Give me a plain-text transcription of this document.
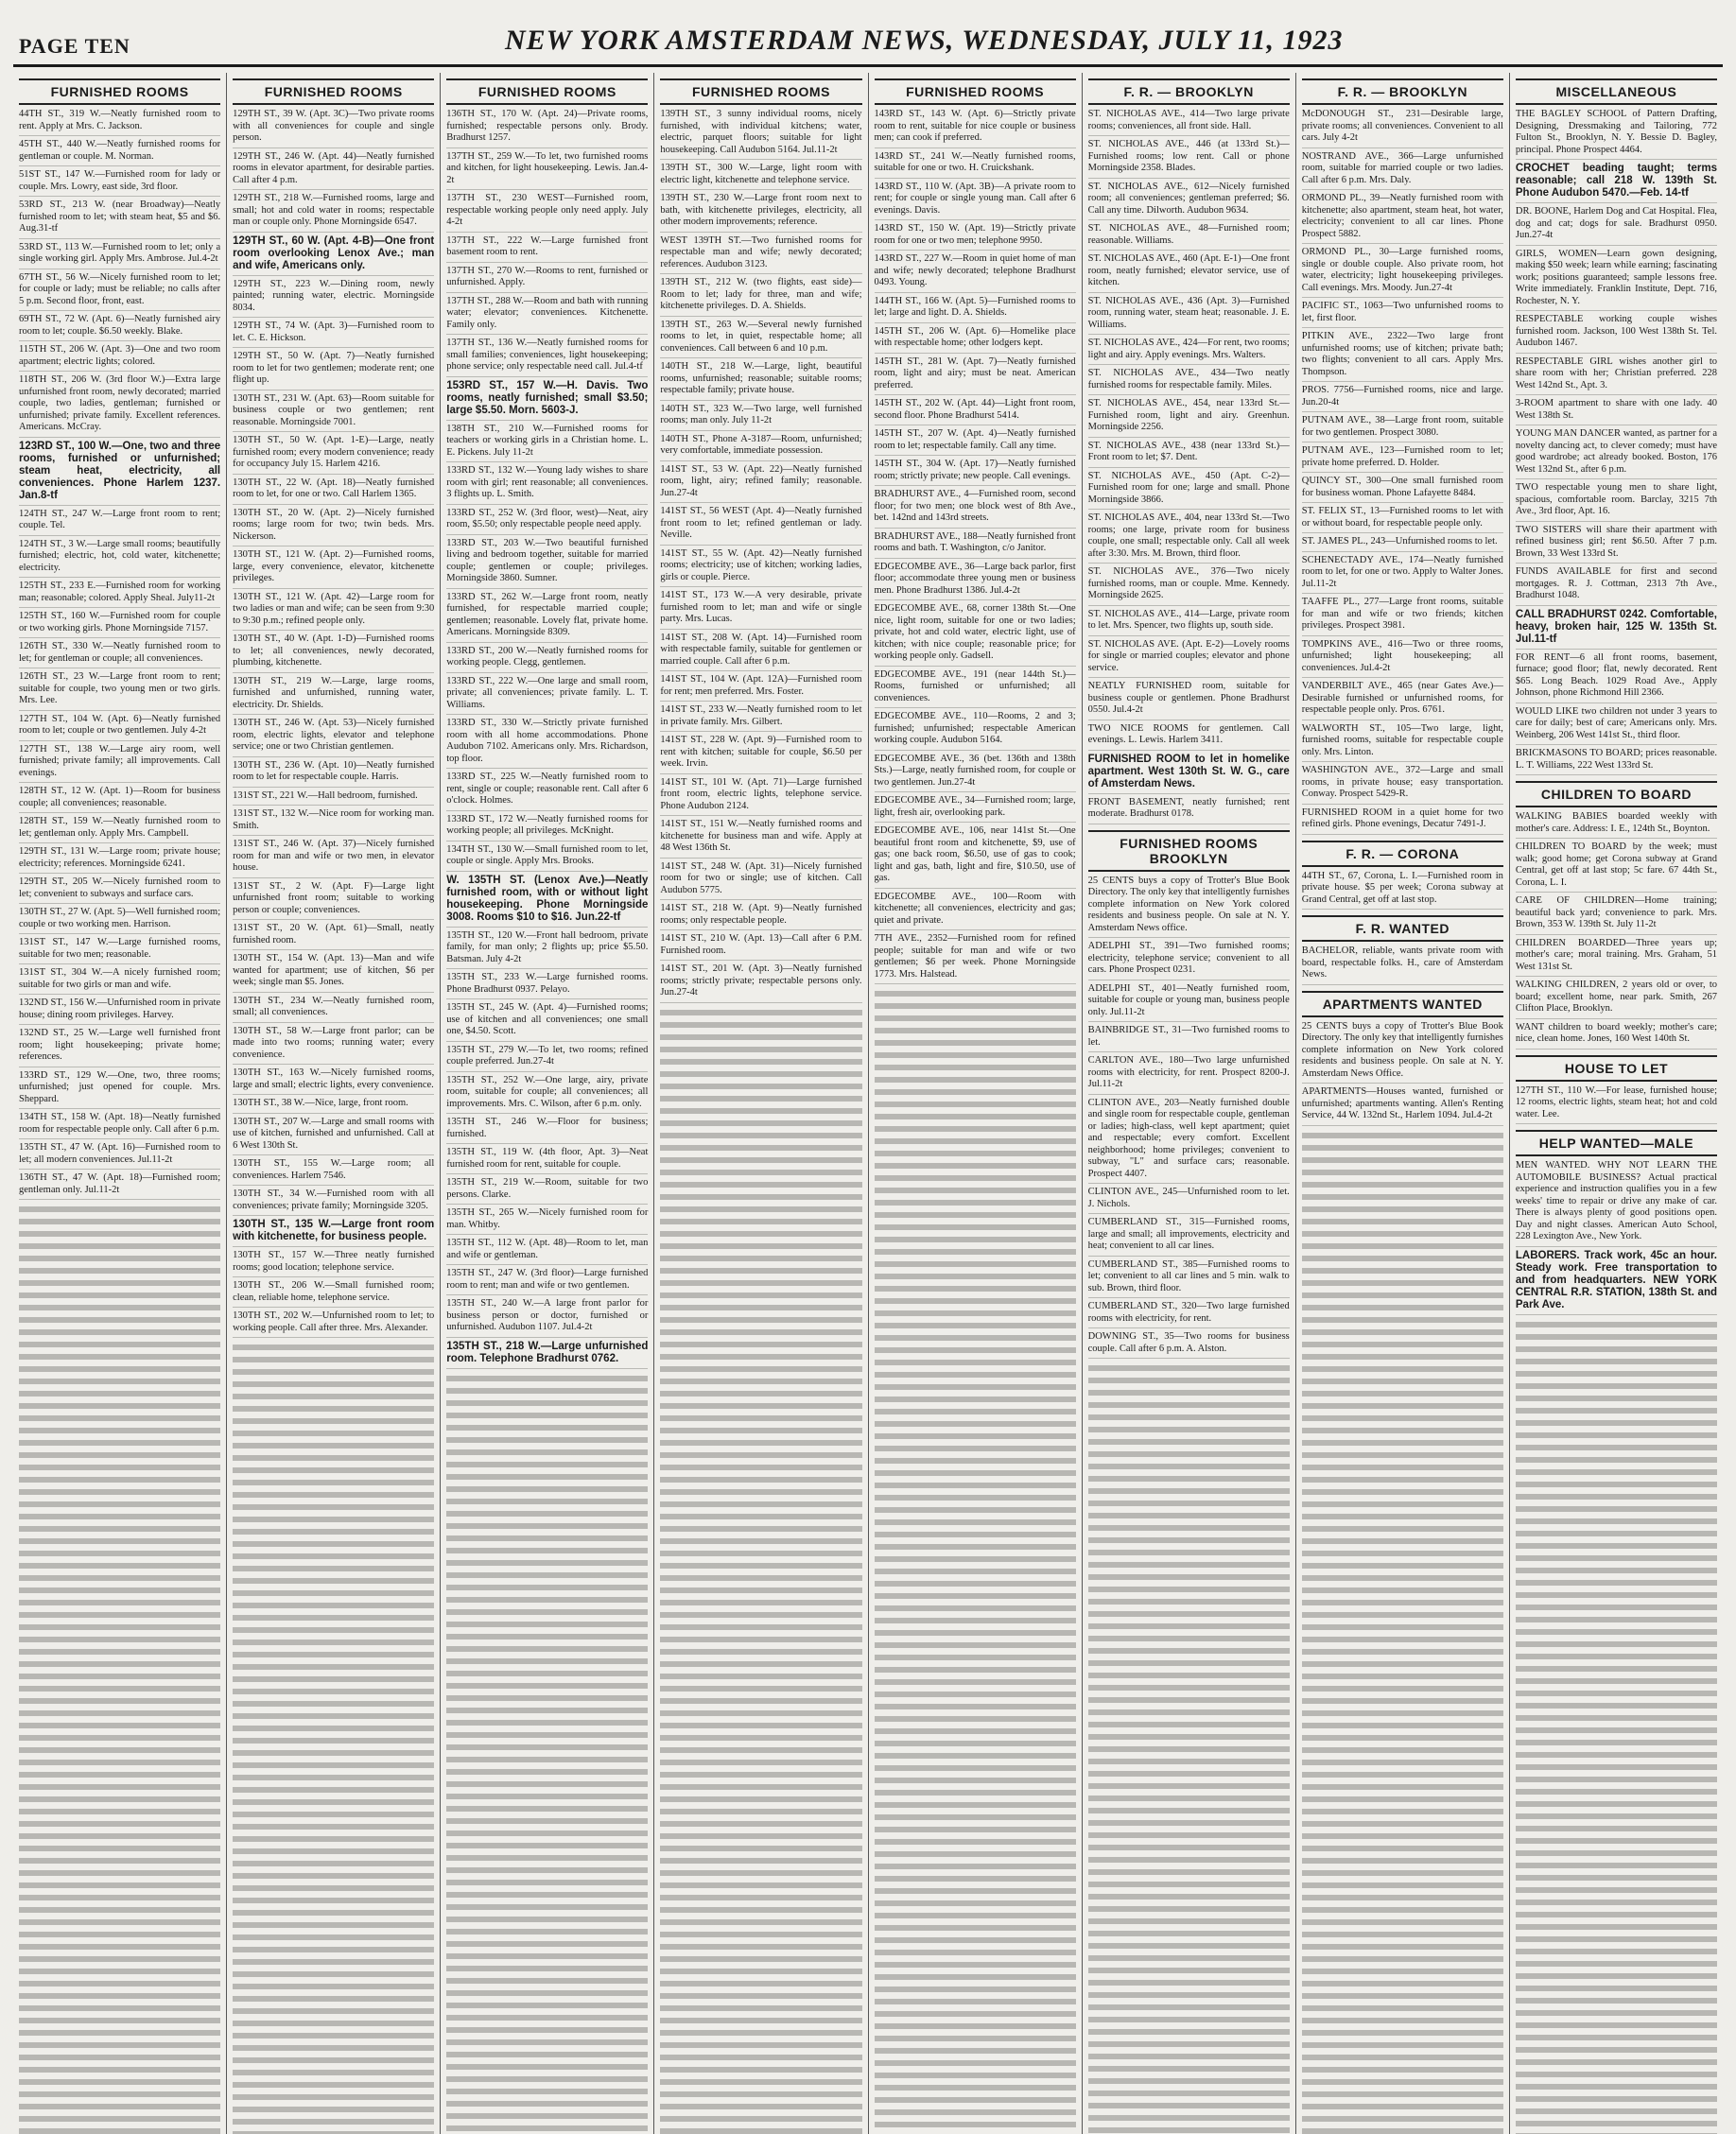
PAGE TEN	NEW YORK AMSTERDAM NEWS, WEDNESDAY, JULY 11, 1923
FURNISHED ROOMS

44TH ST., 319 W.—Neatly furnished room to rent. Apply at Mrs. C. Jackson.

45TH ST., 440 W.—Neatly furnished rooms for gentleman or couple. M. Norman.

51ST ST., 147 W.—Furnished room for lady or couple. Mrs. Lowry, east side, 3rd floor.

53RD ST., 213 W. (near Broadway)—Neatly furnished room to let; with steam heat, $5 and $6. Aug.31-tf

53RD ST., 113 W.—Furnished room to let; only a single working girl. Apply Mrs. Ambrose. Jul.4-2t

67TH ST., 56 W.—Nicely furnished room to let; for couple or lady; must be reliable; no calls after 5 p.m. Second floor, front, east.

69TH ST., 72 W. (Apt. 6)—Neatly furnished airy room to let; couple. $6.50 weekly. Blake.

115TH ST., 206 W. (Apt. 3)—One and two room apartment; electric lights; colored.

118TH ST., 206 W. (3rd floor W.)—Extra large unfurnished front room, newly decorated; married couple, two ladies, gentleman; furnished or unfurnished; private family. Excellent references. Americans. McCray.

123RD ST., 100 W.—One, two and three rooms, furnished or unfurnished; steam heat, electricity, all conveniences. Phone Harlem 1237. Jan.8-tf

124TH ST., 247 W.—Large front room to rent; couple. Tel.

124TH ST., 3 W.—Large small rooms; beautifully furnished; electric, hot, cold water, kitchenette; electricity.

125TH ST., 233 E.—Furnished room for working man; reasonable; colored. Apply Sheal. July11-2t

125TH ST., 160 W.—Furnished room for couple or two working girls. Phone Morningside 7157.

126TH ST., 330 W.—Neatly furnished room to let; for gentleman or couple; all conveniences.

126TH ST., 23 W.—Large front room to rent; suitable for couple, two young men or two girls. Mrs. Lee.

127TH ST., 104 W. (Apt. 6)—Neatly furnished room to let; couple or two gentlemen. July 4-2t

127TH ST., 138 W.—Large airy room, well furnished; private family; all improvements. Call evenings.

128TH ST., 12 W. (Apt. 1)—Room for business couple; all conveniences; reasonable.

128TH ST., 159 W.—Neatly furnished room to let; gentleman only. Apply Mrs. Campbell.

129TH ST., 131 W.—Large room; private house; electricity; references. Morningside 6241.

129TH ST., 205 W.—Nicely furnished room to let; convenient to subways and surface cars.

130TH ST., 27 W. (Apt. 5)—Well furnished room; couple or two working men. Harrison.

131ST ST., 147 W.—Large furnished rooms, suitable for two men; reasonable.

131ST ST., 304 W.—A nicely furnished room; suitable for two girls or man and wife.

132ND ST., 156 W.—Unfurnished room in private house; dining room privileges. Harvey.

132ND ST., 25 W.—Large well furnished front room; light housekeeping; private home; references.

133RD ST., 129 W.—One, two, three rooms; unfurnished; just opened for couple. Mrs. Sheppard.

134TH ST., 158 W. (Apt. 18)—Neatly furnished room for respectable people only. Call after 6 p.m.

135TH ST., 47 W. (Apt. 16)—Furnished room to let; all modern conveniences. Jul.11-2t

136TH ST., 47 W. (Apt. 18)—Furnished room; gentleman only. Jul.11-2t

FURNISHED ROOMS

129TH ST., 39 W. (Apt. 3C)—Two private rooms with all conveniences for couple and single person.

129TH ST., 246 W. (Apt. 44)—Neatly furnished rooms in elevator apartment, for desirable parties. Call after 4 p.m.

129TH ST., 218 W.—Furnished rooms, large and small; hot and cold water in rooms; respectable man or couple only. Phone Morningside 6547.

129TH ST., 60 W. (Apt. 4-B)—One front room overlooking Lenox Ave.; man and wife, Americans only.

129TH ST., 223 W.—Dining room, newly painted; running water, electric. Morningside 8034.

129TH ST., 74 W. (Apt. 3)—Furnished room to let. C. E. Hickson.

129TH ST., 50 W. (Apt. 7)—Neatly furnished room to let for two gentlemen; moderate rent; one flight up.

130TH ST., 231 W. (Apt. 63)—Room suitable for business couple or two gentlemen; rent reasonable. Morningside 7001.

130TH ST., 50 W. (Apt. 1-E)—Large, neatly furnished room; every modern convenience; ready for occupancy July 15. Harlem 4216.

130TH ST., 22 W. (Apt. 18)—Neatly furnished room to let, for one or two. Call Harlem 1365.

130TH ST., 20 W. (Apt. 2)—Nicely furnished rooms; large room for two; twin beds. Mrs. Nickerson.

130TH ST., 121 W. (Apt. 2)—Furnished rooms, large, every convenience, elevator, kitchenette privileges.

130TH ST., 121 W. (Apt. 42)—Large room for two ladies or man and wife; can be seen from 9:30 to 9:30 p.m.; refined people only.

130TH ST., 40 W. (Apt. 1-D)—Furnished rooms to let; all conveniences, newly decorated, plumbing, kitchenette.

130TH ST., 219 W.—Large, large rooms, furnished and unfurnished, running water, electricity. Dr. Shields.

130TH ST., 246 W. (Apt. 53)—Nicely furnished room, electric lights, elevator and telephone service; one or two Christian gentlemen.

130TH ST., 236 W. (Apt. 10)—Neatly furnished room to let for respectable couple. Harris.

131ST ST., 221 W.—Hall bedroom, furnished.

131ST ST., 132 W.—Nice room for working man. Smith.

131ST ST., 246 W. (Apt. 37)—Nicely furnished room for man and wife or two men, in elevator house.

131ST ST., 2 W. (Apt. F)—Large light unfurnished front room; suitable to working person or couple; conveniences.

131ST ST., 20 W. (Apt. 61)—Small, neatly furnished room.

130TH ST., 154 W. (Apt. 13)—Man and wife wanted for apartment; use of kitchen, $6 per week; single man $5. Jones.

130TH ST., 234 W.—Neatly furnished room, small; all conveniences.

130TH ST., 58 W.—Large front parlor; can be made into two rooms; running water; every convenience.

130TH ST., 163 W.—Nicely furnished rooms, large and small; electric lights, every convenience.

130TH ST., 38 W.—Nice, large, front room.

130TH ST., 207 W.—Large and small rooms with use of kitchen, furnished and unfurnished. Call at 6 West 130th St.

130TH ST., 155 W.—Large room; all conveniences. Harlem 7546.

130TH ST., 34 W.—Furnished room with all conveniences; private family; Morningside 3205.

130TH ST., 135 W.—Large front room with kitchenette, for business people.

130TH ST., 157 W.—Three neatly furnished rooms; good location; telephone service.

130TH ST., 206 W.—Small furnished room; clean, reliable home, telephone service.

130TH ST., 202 W.—Unfurnished room to let; to working people. Call after three. Mrs. Alexander.

FURNISHED ROOMS

136TH ST., 170 W. (Apt. 24)—Private rooms, furnished; respectable persons only. Brody. Bradhurst 1257.

137TH ST., 259 W.—To let, two furnished rooms and kitchen, for light housekeeping. Lewis. Jan.4-2t

137TH ST., 230 WEST—Furnished room, respectable working people only need apply. July 4-2t

137TH ST., 222 W.—Large furnished front basement room to rent.

137TH ST., 270 W.—Rooms to rent, furnished or unfurnished. Apply.

137TH ST., 288 W.—Room and bath with running water; elevator; conveniences. Kitchenette. Family only.

137TH ST., 136 W.—Neatly furnished rooms for small families; conveniences, light housekeeping; phone service; only respectable need call. Jul.4-tf

153RD ST., 157 W.—H. Davis. Two rooms, neatly furnished; small $3.50; large $5.50. Morn. 5603-J.

138TH ST., 210 W.—Furnished rooms for teachers or working girls in a Christian home. L. E. Pickens. July 11-2t

133RD ST., 132 W.—Young lady wishes to share room with girl; rent reasonable; all conveniences. 3 flights up. L. Smith.

133RD ST., 252 W. (3rd floor, west)—Neat, airy room, $5.50; only respectable people need apply.

133RD ST., 203 W.—Two beautiful furnished living and bedroom together, suitable for married couple; gentlemen or couple; privileges. Morningside 3860. Sumner.

133RD ST., 262 W.—Large front room, neatly furnished, for respectable married couple; gentlemen; reasonable. Lovely flat, private home. Americans. Morningside 8309.

133RD ST., 200 W.—Neatly furnished rooms for working people. Clegg, gentlemen.

133RD ST., 222 W.—One large and small room, private; all conveniences; private family. L. T. Williams.

133RD ST., 330 W.—Strictly private furnished room with all home accommodations. Phone Audubon 7102. Americans only. Mrs. Richardson, top floor.

133RD ST., 225 W.—Neatly furnished room to rent, single or couple; reasonable rent. Call after 6 o'clock. Holmes.

133RD ST., 172 W.—Neatly furnished rooms for working people; all privileges. McKnight.

134TH ST., 130 W.—Small furnished room to let, couple or single. Apply Mrs. Brooks.

W. 135TH ST. (Lenox Ave.)—Neatly furnished room, with or without light housekeeping. Phone Morningside 3008. Rooms $10 to $16. Jun.22-tf

135TH ST., 120 W.—Front hall bedroom, private family, for man only; 2 flights up; price $5.50. Batsman. July 4-2t

135TH ST., 233 W.—Large furnished rooms. Phone Bradhurst 0937. Pelayo.

135TH ST., 245 W. (Apt. 4)—Furnished rooms; use of kitchen and all conveniences; one small one, $4.50. Scott.

135TH ST., 279 W.—To let, two rooms; refined couple preferred. Jun.27-4t

135TH ST., 252 W.—One large, airy, private room, suitable for couple; all conveniences; all improvements. Mrs. C. Wilson, after 6 p.m. only.

135TH ST., 246 W.—Floor for business; furnished.

135TH ST., 119 W. (4th floor, Apt. 3)—Neat furnished room for rent, suitable for couple.

135TH ST., 219 W.—Room, suitable for two persons. Clarke.

135TH ST., 265 W.—Nicely furnished room for man. Whitby.

135TH ST., 112 W. (Apt. 48)—Room to let, man and wife or gentleman.

135TH ST., 247 W. (3rd floor)—Large furnished room to rent; man and wife or two gentlemen.

135TH ST., 240 W.—A large front parlor for business person or doctor, furnished or unfurnished. Audubon 1107. Jul.4-2t

135TH ST., 218 W.—Large unfurnished room. Telephone Bradhurst 0762.

FURNISHED ROOMS

139TH ST., 3 sunny individual rooms, nicely furnished, with individual kitchens; water, electric, parquet floors; suitable for light housekeeping. Call Audubon 5164. Jul.11-2t

139TH ST., 300 W.—Large, light room with electric light, kitchenette and telephone service.

139TH ST., 230 W.—Large front room next to bath, with kitchenette privileges, electricity, all other modern improvements; reference.

WEST 139TH ST.—Two furnished rooms for respectable man and wife; newly decorated; references. Audubon 3123.

139TH ST., 212 W. (two flights, east side)—Room to let; lady for three, man and wife; kitchenette privileges. D. A. Shields.

139TH ST., 263 W.—Several newly furnished rooms to let, in quiet, respectable home; all conveniences. Call between 6 and 10 p.m.

140TH ST., 218 W.—Large, light, beautiful rooms, unfurnished; reasonable; suitable rooms; respectable family; private house.

140TH ST., 323 W.—Two large, well furnished rooms; man only. July 11-2t

140TH ST., Phone A-3187—Room, unfurnished; very comfortable, immediate possession.

141ST ST., 53 W. (Apt. 22)—Neatly furnished room, light, airy; refined family; reasonable. Jun.27-4t

141ST ST., 56 WEST (Apt. 4)—Neatly furnished front room to let; refined gentleman or lady. Neville.

141ST ST., 55 W. (Apt. 42)—Neatly furnished rooms; electricity; use of kitchen; working ladies, girls or couple. Pierce.

141ST ST., 173 W.—A very desirable, private furnished room to let; man and wife or single party. Mrs. Lucas.

141ST ST., 208 W. (Apt. 14)—Furnished room with respectable family, suitable for gentlemen or married couple. Call after 6 p.m.

141ST ST., 104 W. (Apt. 12A)—Furnished room for rent; men preferred. Mrs. Foster.

141ST ST., 233 W.—Neatly furnished room to let in private family. Mrs. Gilbert.

141ST ST., 228 W. (Apt. 9)—Furnished room to rent with kitchen; suitable for couple, $6.50 per week. Irvin.

141ST ST., 101 W. (Apt. 71)—Large furnished front room, electric lights, telephone service. Phone Audubon 2124.

141ST ST., 151 W.—Neatly furnished rooms and kitchenette for business man and wife. Apply at 48 West 136th St.

141ST ST., 248 W. (Apt. 31)—Nicely furnished room for two or single; use of kitchen. Call Audubon 5775.

141ST ST., 218 W. (Apt. 9)—Neatly furnished rooms; only respectable people.

141ST ST., 210 W. (Apt. 13)—Call after 6 P.M. Furnished room.

141ST ST., 201 W. (Apt. 3)—Neatly furnished rooms; strictly private; respectable persons only. Jun.27-4t

FURNISHED ROOMS

143RD ST., 143 W. (Apt. 6)—Strictly private room to rent, suitable for nice couple or business men; can cook if preferred.

143RD ST., 241 W.—Neatly furnished rooms, suitable for one or two. H. Cruickshank.

143RD ST., 110 W. (Apt. 3B)—A private room to rent; for couple or single young man. Call after 6 evenings. Davis.

143RD ST., 150 W. (Apt. 19)—Strictly private room for one or two men; telephone 9950.

143RD ST., 227 W.—Room in quiet home of man and wife; newly decorated; telephone Bradhurst 0493. Young.

144TH ST., 166 W. (Apt. 5)—Furnished rooms to let; large and light. D. A. Shields.

145TH ST., 206 W. (Apt. 6)—Homelike place with respectable home; other lodgers kept.

145TH ST., 281 W. (Apt. 7)—Neatly furnished room, light and airy; must be neat. American preferred.

145TH ST., 202 W. (Apt. 44)—Light front room, second floor. Phone Bradhurst 5414.

145TH ST., 207 W. (Apt. 4)—Neatly furnished room to let; respectable family. Call any time.

145TH ST., 304 W. (Apt. 17)—Neatly furnished room; strictly private; new people. Call evenings.

BRADHURST AVE., 4—Furnished room, second floor; for two men; one block west of 8th Ave., bet. 142nd and 143rd streets.

BRADHURST AVE., 188—Neatly furnished front rooms and bath. T. Washington, c/o Janitor.

EDGECOMBE AVE., 36—Large back parlor, first floor; accommodate three young men or business men. Phone Bradhurst 1386. Jul.4-2t

EDGECOMBE AVE., 68, corner 138th St.—One nice, light room, suitable for one or two ladies; private, hot and cold water, electric light, use of kitchen; with nice couple; reasonable price; for working people only. Gadsell.

EDGECOMBE AVE., 191 (near 144th St.)—Rooms, furnished or unfurnished; all conveniences.

EDGECOMBE AVE., 110—Rooms, 2 and 3; furnished; unfurnished; respectable American working couple. Audubon 5164.

EDGECOMBE AVE., 36 (bet. 136th and 138th Sts.)—Large, neatly furnished room, for couple or two gentlemen. Jun.27-4t

EDGECOMBE AVE., 34—Furnished room; large, light, fresh air, overlooking park.

EDGECOMBE AVE., 106, near 141st St.—One beautiful front room and kitchenette, $9, use of gas; one back room, $6.50, use of gas to cook; light and gas, bath, light and fire, $10.50, use of gas.

EDGECOMBE AVE., 100—Room with kitchenette; all conveniences, electricity and gas; quiet and private.

7TH AVE., 2352—Furnished room for refined people; suitable for man and wife or two gentlemen; $6 per week. Phone Morningside 1773. Mrs. Halstead.

F. R. — BROOKLYN

ST. NICHOLAS AVE., 414—Two large private rooms; conveniences, all front side. Hall.

ST. NICHOLAS AVE., 446 (at 133rd St.)—Furnished rooms; low rent. Call or phone Morningside 2358. Blades.

ST. NICHOLAS AVE., 612—Nicely furnished room; all conveniences; gentleman preferred; $6. Call any time. Dilworth. Audubon 9634.

ST. NICHOLAS AVE., 48—Furnished room; reasonable. Williams.

ST. NICHOLAS AVE., 460 (Apt. E-1)—One front room, neatly furnished; elevator service, use of kitchen.

ST. NICHOLAS AVE., 436 (Apt. 3)—Furnished room, running water, steam heat; reasonable. J. E. Williams.

ST. NICHOLAS AVE., 424—For rent, two rooms; light and airy. Apply evenings. Mrs. Walters.

ST. NICHOLAS AVE., 434—Two neatly furnished rooms for respectable family. Miles.

ST. NICHOLAS AVE., 454, near 133rd St.—Furnished room, light and airy. Greenhun. Morningside 2256.

ST. NICHOLAS AVE., 438 (near 133rd St.)—Front room to let; $7. Dent.

ST. NICHOLAS AVE., 450 (Apt. C-2)—Furnished room for one; large and small. Phone Morningside 3866.

ST. NICHOLAS AVE., 404, near 133rd St.—Two rooms; one large, private room for business couple, one small; respectable only. Call all week after 3:30. Mrs. M. Brown, third floor.

ST. NICHOLAS AVE., 376—Two nicely furnished rooms, man or couple. Mme. Kennedy. Morningside 2625.

ST. NICHOLAS AVE., 414—Large, private room to let. Mrs. Spencer, two flights up, south side.

ST. NICHOLAS AVE. (Apt. E-2)—Lovely rooms for single or married couples; elevator and phone service.

NEATLY FURNISHED room, suitable for business couple or gentlemen. Phone Bradhurst 0550. Jul.4-2t

TWO NICE ROOMS for gentlemen. Call evenings. L. Lewis. Harlem 3411.

FURNISHED ROOM to let in homelike apartment. West 130th St. W. G., care of Amsterdam News.

FRONT BASEMENT, neatly furnished; rent moderate. Bradhurst 0178.

FURNISHED ROOMS BROOKLYN

25 CENTS buys a copy of Trotter's Blue Book Directory. The only key that intelligently furnishes complete information on New York colored residents and business people. On sale at N. Y. Amsterdam News office.

ADELPHI ST., 391—Two furnished rooms; electricity, telephone service; convenient to all cars. Phone Prospect 0231.

ADELPHI ST., 401—Neatly furnished room, suitable for couple or young man, business people only. Jul.11-2t

BAINBRIDGE ST., 31—Two furnished rooms to let.

CARLTON AVE., 180—Two large unfurnished rooms with electricity, for rent. Prospect 8200-J. Jul.11-2t

CLINTON AVE., 203—Neatly furnished double and single room for respectable couple, gentleman or ladies; high-class, well kept apartment; quiet and respectable; every comfort. Excellent neighborhood; home privileges; convenient to subway, "L" and surface cars; reasonable. Prospect 4407.

CLINTON AVE., 245—Unfurnished room to let. J. Nichols.

CUMBERLAND ST., 315—Furnished rooms, large and small; all improvements, electricity and heat; convenient to all car lines.

CUMBERLAND ST., 385—Furnished rooms to let; convenient to all car lines and 5 min. walk to sub. Brown, third floor.

CUMBERLAND ST., 320—Two large furnished rooms with electricity, for rent.

DOWNING ST., 35—Two rooms for business couple. Call after 6 p.m. A. Alston.

F. R. — BROOKLYN

McDONOUGH ST., 231—Desirable large, private rooms; all conveniences. Convenient to all cars. July 4-2t

NOSTRAND AVE., 366—Large unfurnished room, suitable for married couple or two ladies. Call after 6 p.m. Mrs. Daly.

ORMOND PL., 39—Neatly furnished room with kitchenette; also apartment, steam heat, hot water, electricity; convenient to all car lines. Phone Prospect 5882.

ORMOND PL., 30—Large furnished rooms, single or double couple. Also private room, hot water, electricity; light housekeeping privileges. Call evenings. Mrs. Moody. Jun.27-4t

PACIFIC ST., 1063—Two unfurnished rooms to let, first floor.

PITKIN AVE., 2322—Two large front unfurnished rooms; use of kitchen; private bath; two flights; convenient to all cars. Apply Mrs. Thompson.

PROS. 7756—Furnished rooms, nice and large. Jun.20-4t

PUTNAM AVE., 38—Large front room, suitable for two gentlemen. Prospect 3080.

PUTNAM AVE., 123—Furnished room to let; private home preferred. D. Holder.

QUINCY ST., 300—One small furnished room for business woman. Phone Lafayette 8484.

ST. FELIX ST., 13—Furnished rooms to let with or without board, for respectable people only.

ST. JAMES PL., 243—Unfurnished rooms to let.

SCHENECTADY AVE., 174—Neatly furnished room to let, for one or two. Apply to Walter Jones. Jul.11-2t

TAAFFE PL., 277—Large front rooms, suitable for man and wife or two friends; kitchen privileges. Prospect 3981.

TOMPKINS AVE., 416—Two or three rooms, unfurnished; light housekeeping; all conveniences. Jul.4-2t

VANDERBILT AVE., 465 (near Gates Ave.)—Desirable furnished or unfurnished rooms, for respectable people only. Pros. 6761.

WALWORTH ST., 105—Two large, light, furnished rooms, suitable for respectable couple only. Mrs. Linton.

WASHINGTON AVE., 372—Large and small rooms, in private house; easy transportation. Conway. Prospect 5429-R.

FURNISHED ROOM in a quiet home for two refined girls. Phone evenings, Decatur 7491-J.

F. R. — CORONA

44TH ST., 67, Corona, L. I.—Furnished room in private house. $5 per week; Corona subway at Grand Central, get off at last stop.

F. R. WANTED

BACHELOR, reliable, wants private room with board, respectable folks. H., care of Amsterdam News.

APARTMENTS WANTED

25 CENTS buys a copy of Trotter's Blue Book Directory. The only key that intelligently furnishes complete information on New York colored residents and business people. On sale at N. Y. Amsterdam News Office.

APARTMENTS—Houses wanted, furnished or unfurnished; apartments wanting. Allen's Renting Service, 44 W. 132nd St., Harlem 1094. Jul.4-2t

MISCELLANEOUS

THE BAGLEY SCHOOL of Pattern Drafting, Designing, Dressmaking and Tailoring, 772 Fulton St., Brooklyn, N. Y. Bessie D. Bagley, principal. Phone Prospect 4464.

CROCHET beading taught; terms reasonable; call 218 W. 139th St. Phone Audubon 5470.—Feb. 14-tf

DR. BOONE, Harlem Dog and Cat Hospital. Flea, dog and cat; dogs for sale. Bradhurst 0950. Jun.27-4t

GIRLS, WOMEN—Learn gown designing, making $50 week; learn while earning; fascinating work; positions guaranteed; sample lessons free. Write immediately. Franklin Institute, Dept. 716, Rochester, N. Y.

RESPECTABLE working couple wishes furnished room. Jackson, 100 West 138th St. Tel. Audubon 1467.

RESPECTABLE GIRL wishes another girl to share room with her; Christian preferred. 228 West 142nd St., Apt. 3.

3-ROOM apartment to share with one lady. 40 West 138th St.

YOUNG MAN DANCER wanted, as partner for a novelty dancing act, to clever comedy; must have good wardrobe; act already booked. Boston, 176 West 132nd St., after 6 p.m.

TWO respectable young men to share light, spacious, comfortable room. Barclay, 3215 7th Ave., 3rd floor, Apt. 16.

TWO SISTERS will share their apartment with refined business girl; rent $6.50. After 7 p.m. Brown, 33 West 133rd St.

FUNDS AVAILABLE for first and second mortgages. R. J. Cottman, 2313 7th Ave., Bradhurst 1048.

CALL BRADHURST 0242. Comfortable, heavy, broken hair, 125 W. 135th St. Jul.11-tf

FOR RENT—6 all front rooms, basement, furnace; good floor; flat, newly decorated. Rent $65. Long Beach. 1029 Road Ave., Apply Johnson, phone Richmond Hill 2366.

WOULD LIKE two children not under 3 years to care for daily; best of care; Americans only. Mrs. Weinberg, 206 West 141st St., third floor.

BRICKMASONS TO BOARD; prices reasonable. L. T. Williams, 222 West 133rd St.

CHILDREN TO BOARD

WALKING BABIES boarded weekly with mother's care. Address: I. E., 124th St., Boynton.

CHILDREN TO BOARD by the week; must walk; good home; get Corona subway at Grand Central, get off at last stop; 5c fare. 67 44th St., Corona, L. I.

CARE OF CHILDREN—Home training; beautiful back yard; convenience to park. Mrs. Brown, 353 W. 139th St. July 11-2t

CHILDREN BOARDED—Three years up; mother's care; moral training. Mrs. Graham, 51 West 131st St.

WALKING CHILDREN, 2 years old or over, to board; excellent home, near park. Smith, 267 Clifton Place, Brooklyn.

WANT children to board weekly; mother's care; nice, clean home. Jones, 160 West 140th St.

HOUSE TO LET

127TH ST., 110 W.—For lease, furnished house; 12 rooms, electric lights, steam heat; hot and cold water. Lee.

HELP WANTED—MALE

MEN WANTED. WHY NOT LEARN THE AUTOMOBILE BUSINESS? Actual practical experience and instruction qualifies you in a few weeks' time to repair or drive any make of car. There is always plenty of good positions open. Day and night classes. American Auto School, 228 Lexington Ave., New York.

LABORERS. Track work, 45c an hour. Steady work. Free transportation to and from headquarters. NEW YORK CENTRAL R.R. STATION, 138th St. and Park Ave.
